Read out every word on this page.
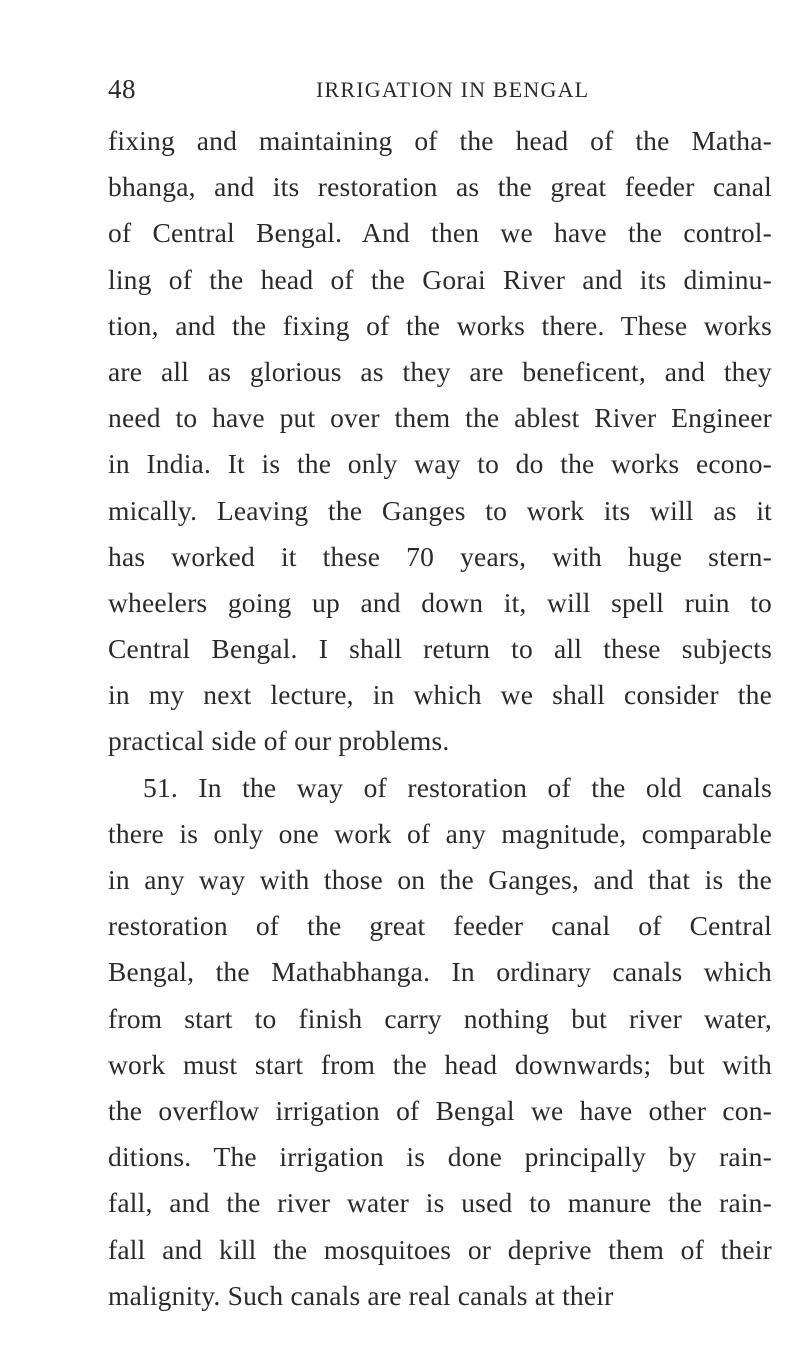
48	IRRIGATION IN BENGAL
fixing and maintaining of the head of the Matha-
bhanga, and its restoration as the great feeder canal
of Central Bengal. And then we have the control-
ling of the head of the Gorai River and its diminu-
tion, and the fixing of the works there. These works
are all as glorious as they are beneficent, and they
need to have put over them the ablest River Engineer
in India. It is the only way to do the works econo-
mically. Leaving the Ganges to work its will as it
has worked it these 70 years, with huge stern-
wheelers going up and down it, will spell ruin to
Central Bengal. I shall return to all these subjects
in my next lecture, in which we shall consider the
practical side of our problems.
51. In the way of restoration of the old canals
there is only one work of any magnitude, comparable
in any way with those on the Ganges, and that is the
restoration of the great feeder canal of Central
Bengal, the Mathabhanga. In ordinary canals which
from start to finish carry nothing but river water,
work must start from the head downwards; but with
the overflow irrigation of Bengal we have other con-
ditions. The irrigation is done principally by rain-
fall, and the river water is used to manure the rain-
fall and kill the mosquitoes or deprive them of their
malignity. Such canals are real canals at their
